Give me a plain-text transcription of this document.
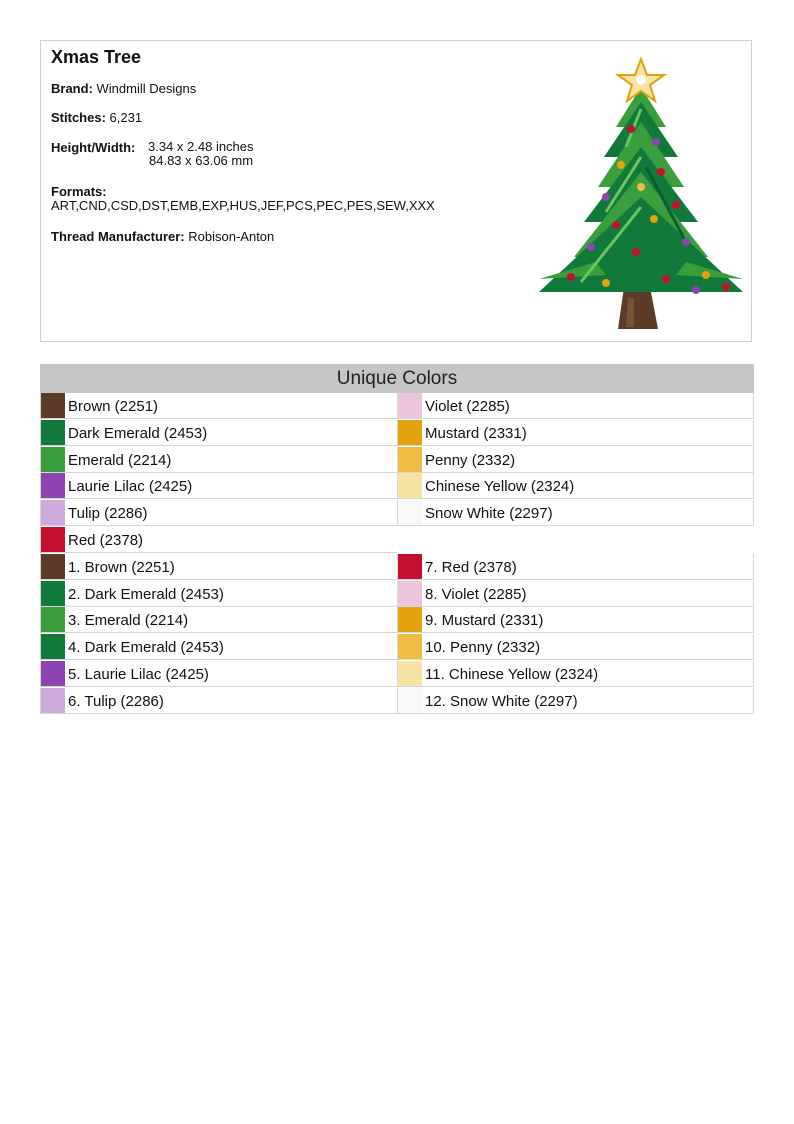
Xmas Tree
Brand: Windmill Designs
Stitches: 6,231
Height/Width: 3.34 x 2.48 inches
84.83 x 63.06 mm
Formats:
ART,CND,CSD,DST,EMB,EXP,HUS,JEF,PCS,PEC,PES,SEW,XXX
Thread Manufacturer: Robison-Anton
Unique Colors
Brown (2251)	Violet (2285)
Dark Emerald (2453)	Mustard (2331)
Emerald (2214)	Penny (2332)
Laurie Lilac (2425)	Chinese Yellow (2324)
Tulip (2286)	Snow White (2297)
Red (2378)
1. Brown (2251)	7. Red (2378)
2. Dark Emerald (2453)	8. Violet (2285)
3. Emerald (2214)	9. Mustard (2331)
4. Dark Emerald (2453)	10. Penny (2332)
5. Laurie Lilac (2425)	11. Chinese Yellow (2324)
6. Tulip (2286)	12. Snow White (2297)
